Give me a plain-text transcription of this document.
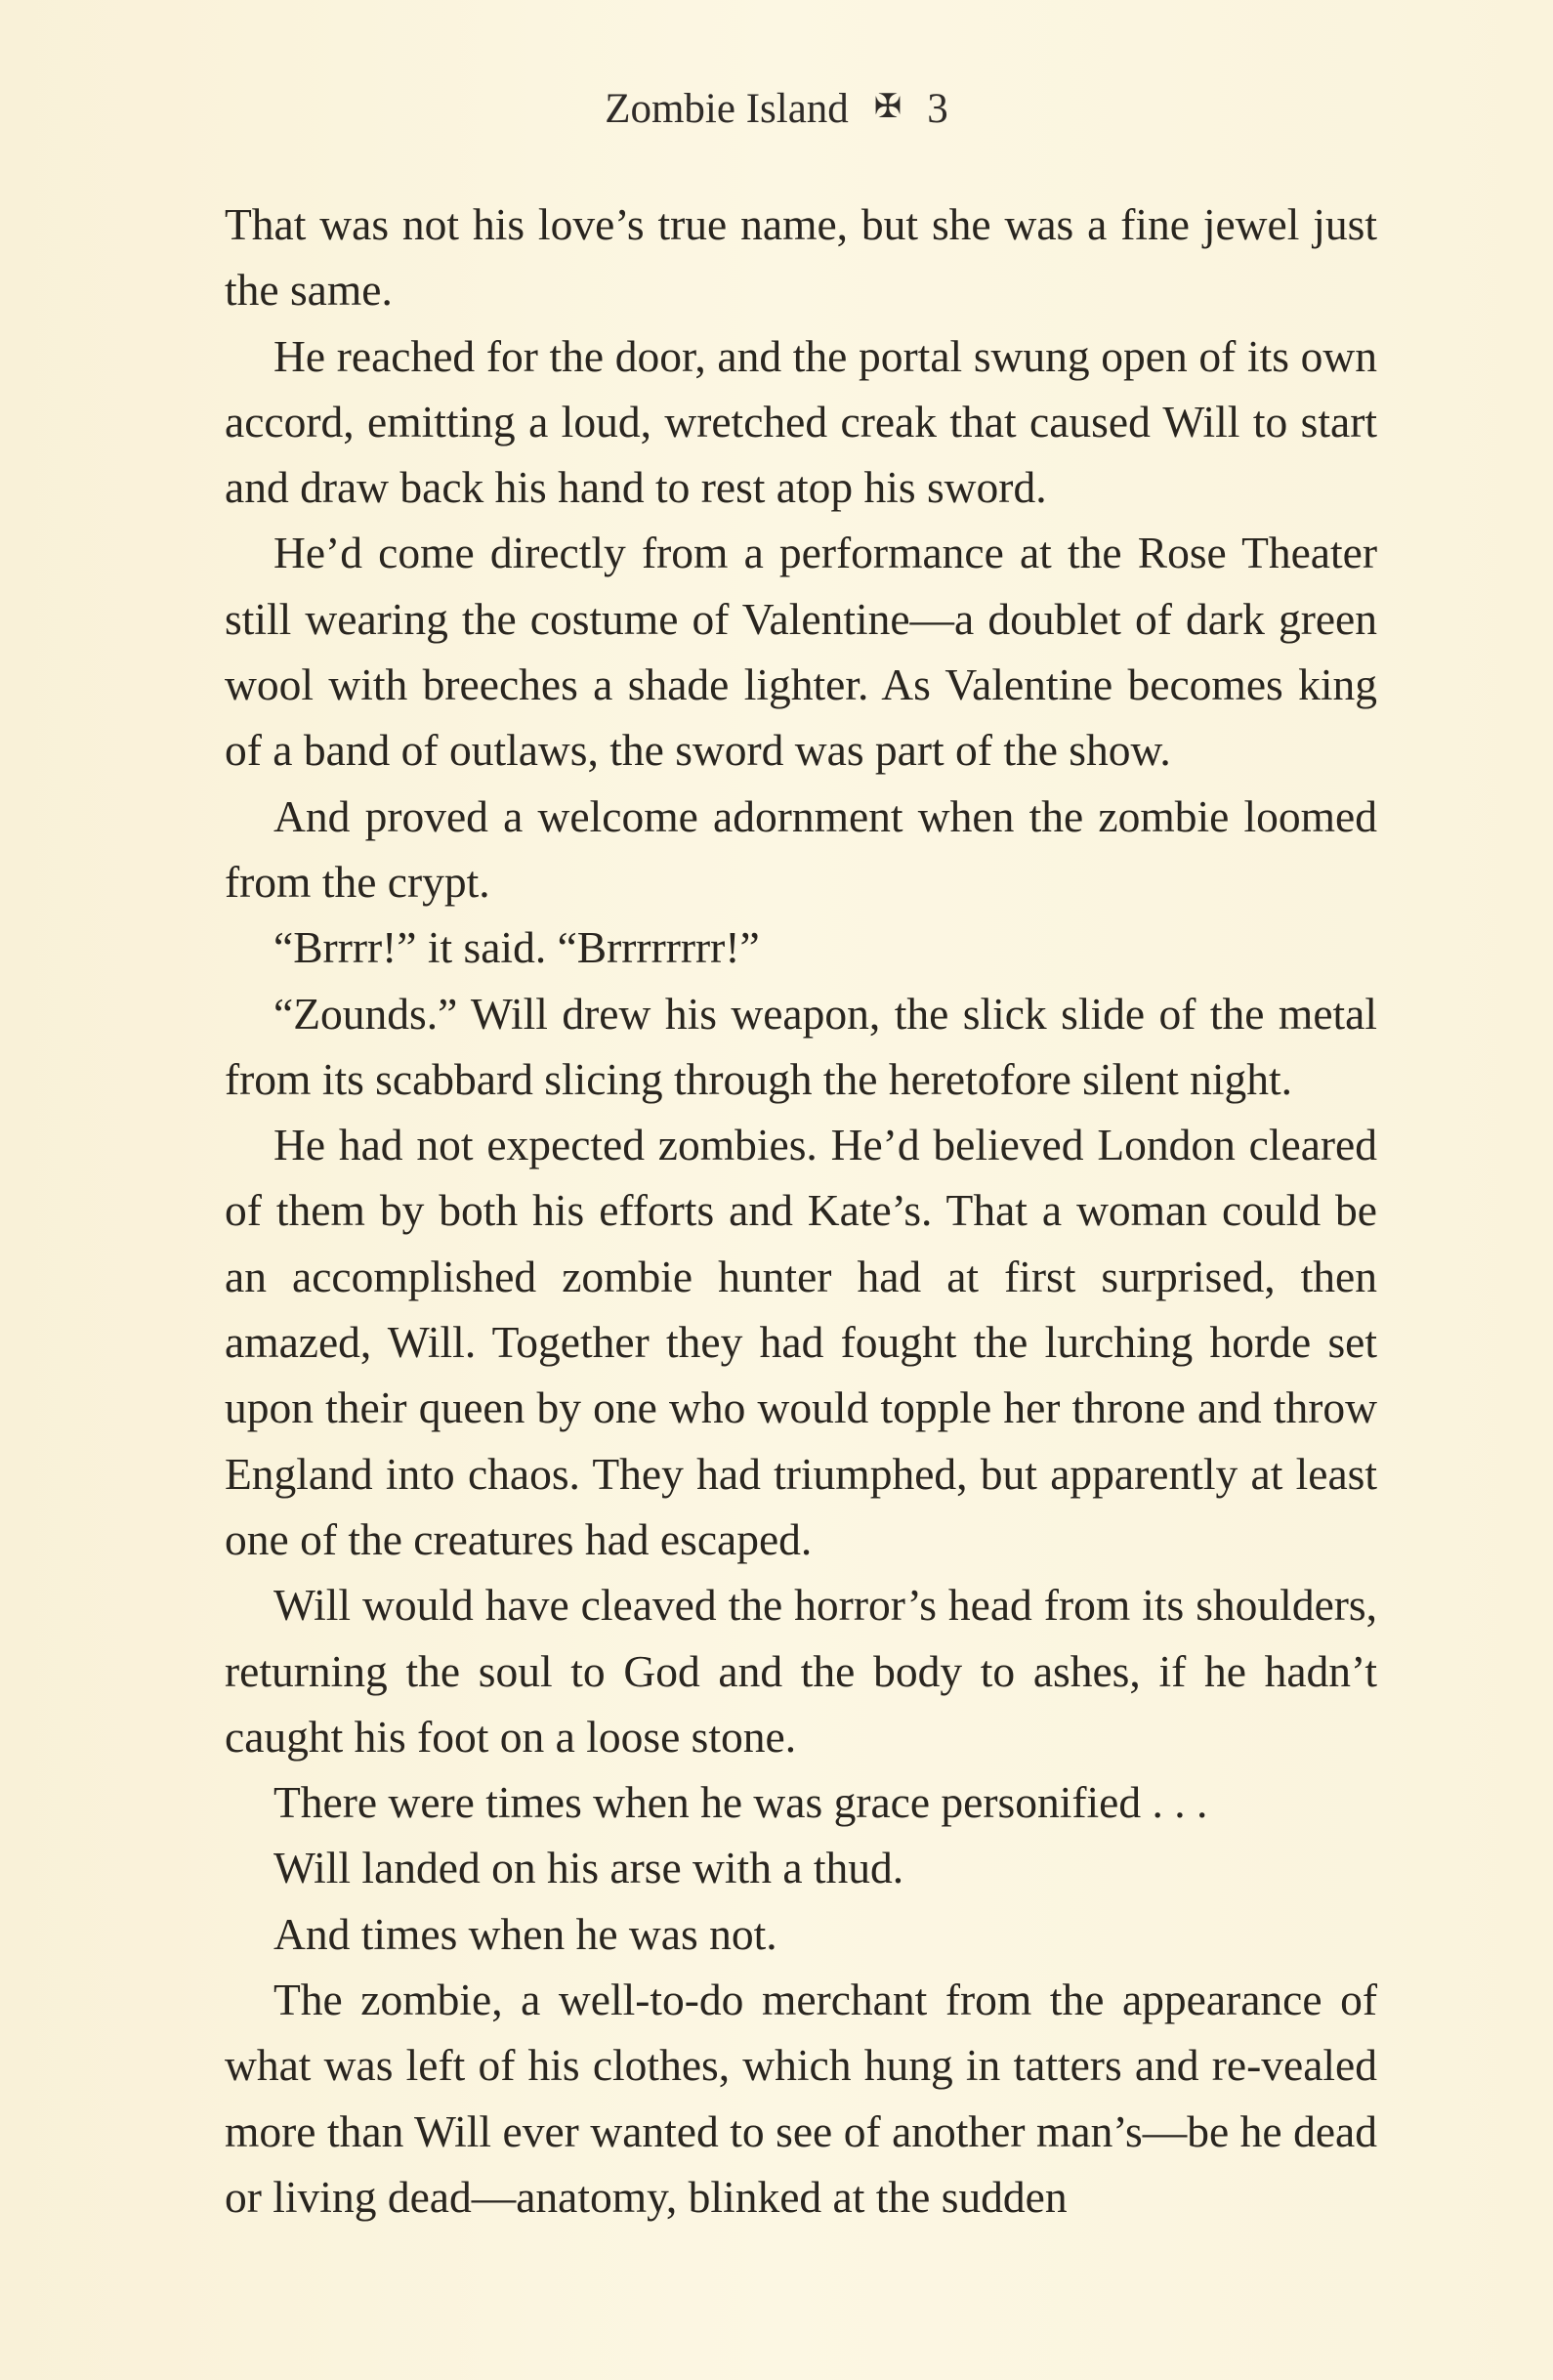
Zombie Island ✠ 3

That was not his love’s true name, but she was a fine jewel just the same.

He reached for the door, and the portal swung open of its own accord, emitting a loud, wretched creak that caused Will to start and draw back his hand to rest atop his sword.

He’d come directly from a performance at the Rose Theater still wearing the costume of Valentine—a doublet of dark green wool with breeches a shade lighter. As Valentine becomes king of a band of outlaws, the sword was part of the show.

And proved a welcome adornment when the zombie loomed from the crypt.

“Brrrr!” it said. “Brrrrrrrr!”

“Zounds.” Will drew his weapon, the slick slide of the metal from its scabbard slicing through the heretofore silent night.

He had not expected zombies. He’d believed London cleared of them by both his efforts and Kate’s. That a woman could be an accomplished zombie hunter had at first surprised, then amazed, Will. Together they had fought the lurching horde set upon their queen by one who would topple her throne and throw England into chaos. They had triumphed, but apparently at least one of the creatures had escaped.

Will would have cleaved the horror’s head from its shoulders, returning the soul to God and the body to ashes, if he hadn’t caught his foot on a loose stone.

There were times when he was grace personified . . .

Will landed on his arse with a thud.

And times when he was not.

The zombie, a well-to-do merchant from the appearance of what was left of his clothes, which hung in tatters and re-vealed more than Will ever wanted to see of another man’s—be he dead or living dead—anatomy, blinked at the sudden
